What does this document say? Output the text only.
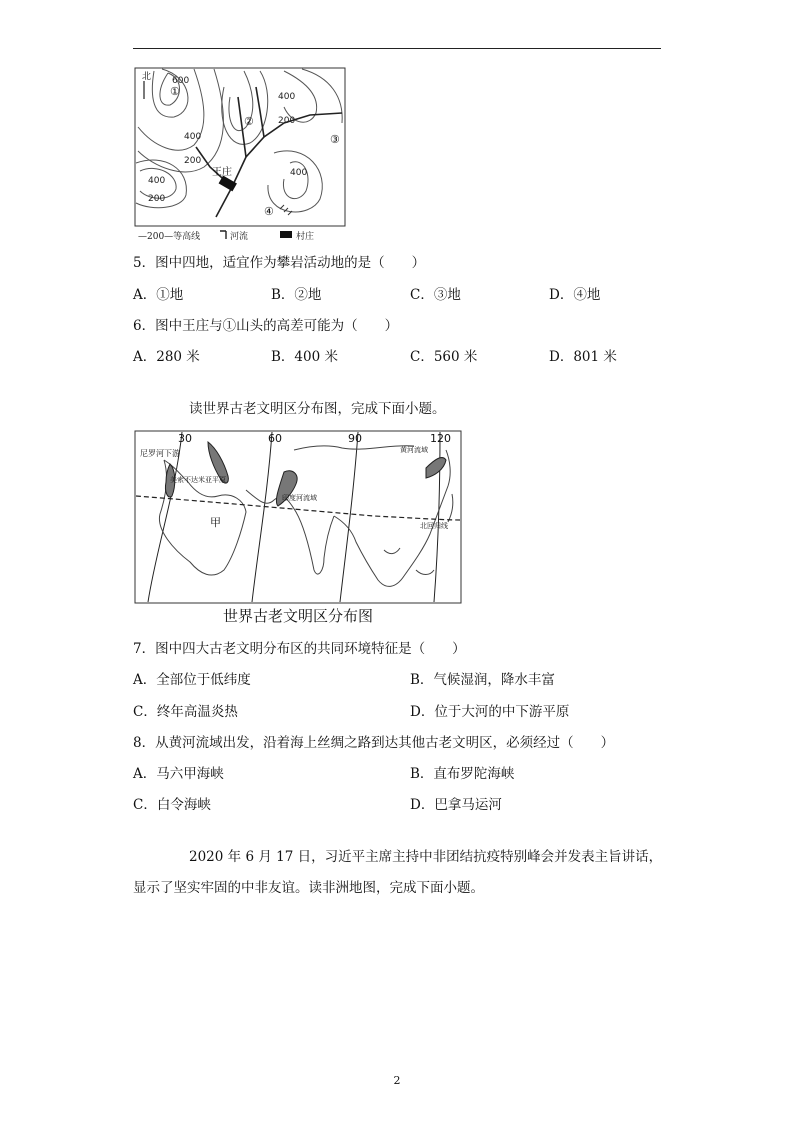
北 600
400
400
200
200
400
400
200
①
②
③
④
王庄
—200—等高线	河流	村庄
5．图中四地，适宜作为攀岩活动地的是（　　）
A．①地	B．②地	C．③地	D．④地
6．图中王庄与①山头的高差可能为（　　）
A．280 米	B．400 米	C．560 米	D．801 米
读世界古老文明区分布图，完成下面小题。
30	60	90	120
尼罗河下游
美索不达米亚平原
印度河流域
黄河流域
甲	北回归线
世界古老文明区分布图
7．图中四大古老文明分布区的共同环境特征是（　　）
A．全部位于低纬度	B．气候湿润，降水丰富
C．终年高温炎热	D．位于大河的中下游平原
8．从黄河流域出发，沿着海上丝绸之路到达其他古老文明区，必须经过（　　）
A．马六甲海峡	B．直布罗陀海峡
C．白令海峡	D．巴拿马运河
2020 年 6 月 17 日，习近平主席主持中非团结抗疫特别峰会并发表主旨讲话，
显示了坚实牢固的中非友谊。读非洲地图，完成下面小题。
2
